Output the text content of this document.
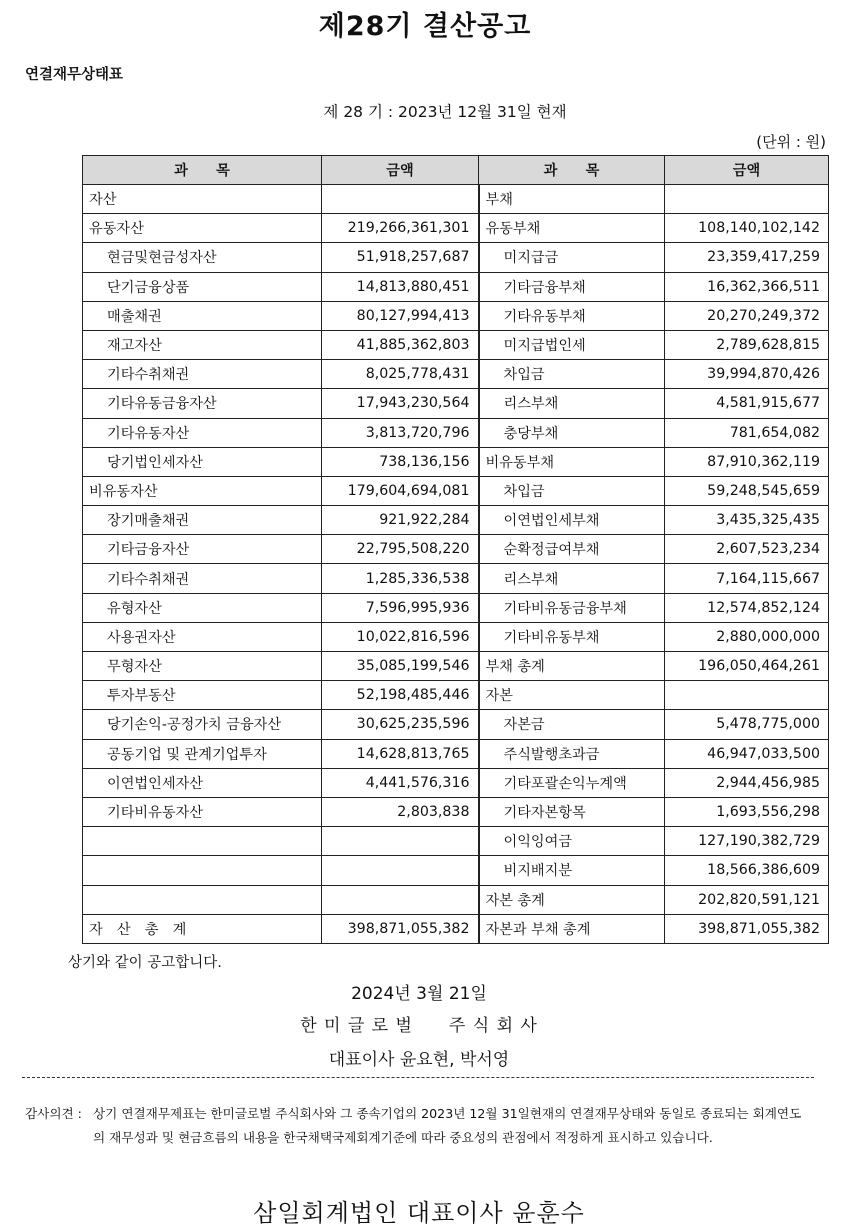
제28기 결산공고
연결재무상태표
제 28 기 : 2023년 12월 31일 현재
(단위 : 원)
과　　목	금액	과　　목	금액
자산		부채	
유동자산	219,266,361,301	유동부채	108,140,102,142
현금및현금성자산	51,918,257,687	미지급금	23,359,417,259
단기금융상품	14,813,880,451	기타금융부채	16,362,366,511
매출채권	80,127,994,413	기타유동부채	20,270,249,372
재고자산	41,885,362,803	미지급법인세	2,789,628,815
기타수취채권	8,025,778,431	차입금	39,994,870,426
기타유동금융자산	17,943,230,564	리스부채	4,581,915,677
기타유동자산	3,813,720,796	충당부채	781,654,082
당기법인세자산	738,136,156	비유동부채	87,910,362,119
비유동자산	179,604,694,081	차입금	59,248,545,659
장기매출채권	921,922,284	이연법인세부채	3,435,325,435
기타금융자산	22,795,508,220	순확정급여부채	2,607,523,234
기타수취채권	1,285,336,538	리스부채	7,164,115,667
유형자산	7,596,995,936	기타비유동금융부채	12,574,852,124
사용권자산	10,022,816,596	기타비유동부채	2,880,000,000
무형자산	35,085,199,546	부채 총계	196,050,464,261
투자부동산	52,198,485,446	자본	
당기손익-공정가치 금융자산	30,625,235,596	자본금	5,478,775,000
공동기업 및 관계기업투자	14,628,813,765	주식발행초과금	46,947,033,500
이연법인세자산	4,441,576,316	기타포괄손익누계액	2,944,456,985
기타비유동자산	2,803,838	기타자본항목	1,693,556,298
		이익잉여금	127,190,382,729
		비지배지분	18,566,386,609
		자본 총계	202,820,591,121
자　산　총　계	398,871,055,382	자본과 부채 총계	398,871,055,382
상기와 같이 공고합니다.
2024년 3월 21일
한 미 글 로 벌　　주 식 회 사
대표이사 윤요현, 박서영
감사의견 : 상기 연결재무제표는 한미글로벌 주식회사와 그 종속기업의 2023년 12월 31일현재의 연결재무상태와 동일로 종료되는 회계연도의 재무성과 및 현금흐름의 내용을 한국채택국제회계기준에 따라 중요성의 관점에서 적정하게 표시하고 있습니다.
삼일회계법인 대표이사 윤훈수
